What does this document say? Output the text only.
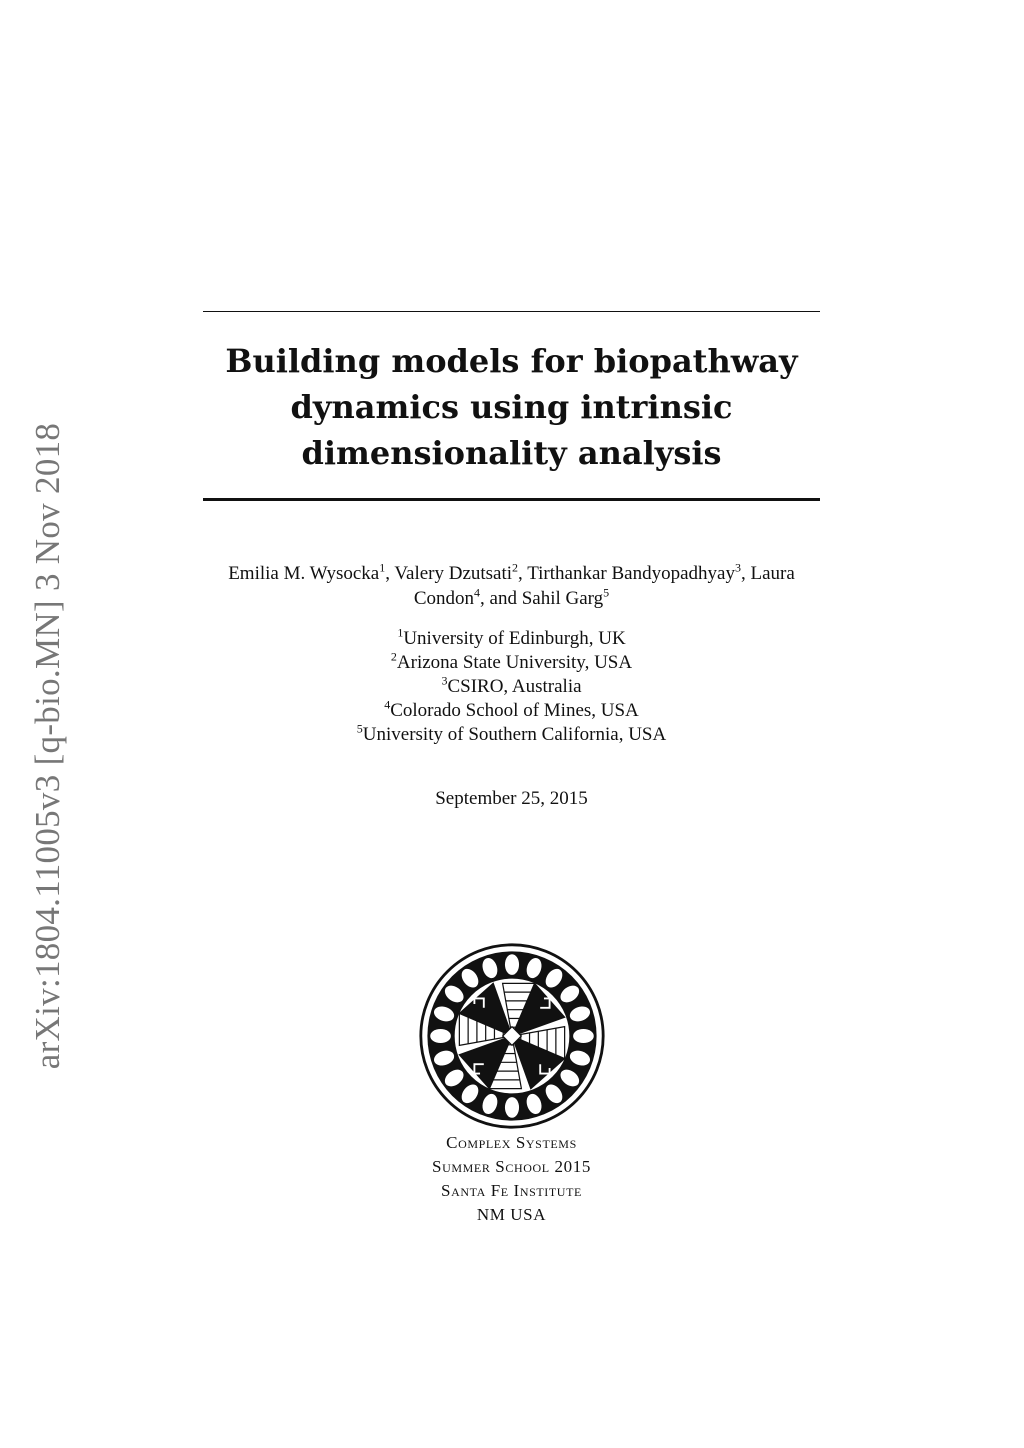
arXiv:1804.11005v3 [q-bio.MN] 3 Nov 2018
Building models for biopathway
dynamics using intrinsic
dimensionality analysis
Emilia M. Wysocka$^1$, Valery Dzutsati$^2$, Tirthankar Bandyopadhyay$^3$, Laura
Condon$^4$, and Sahil Garg$^5$
$^1$University of Edinburgh, UK
$^2$Arizona State University, USA
$^3$CSIRO, Australia
$^4$Colorado School of Mines, USA
$^5$University of Southern California, USA
September 25, 2015
Complex Systems
Summer School 2015
Santa Fe Institute
NM USA
